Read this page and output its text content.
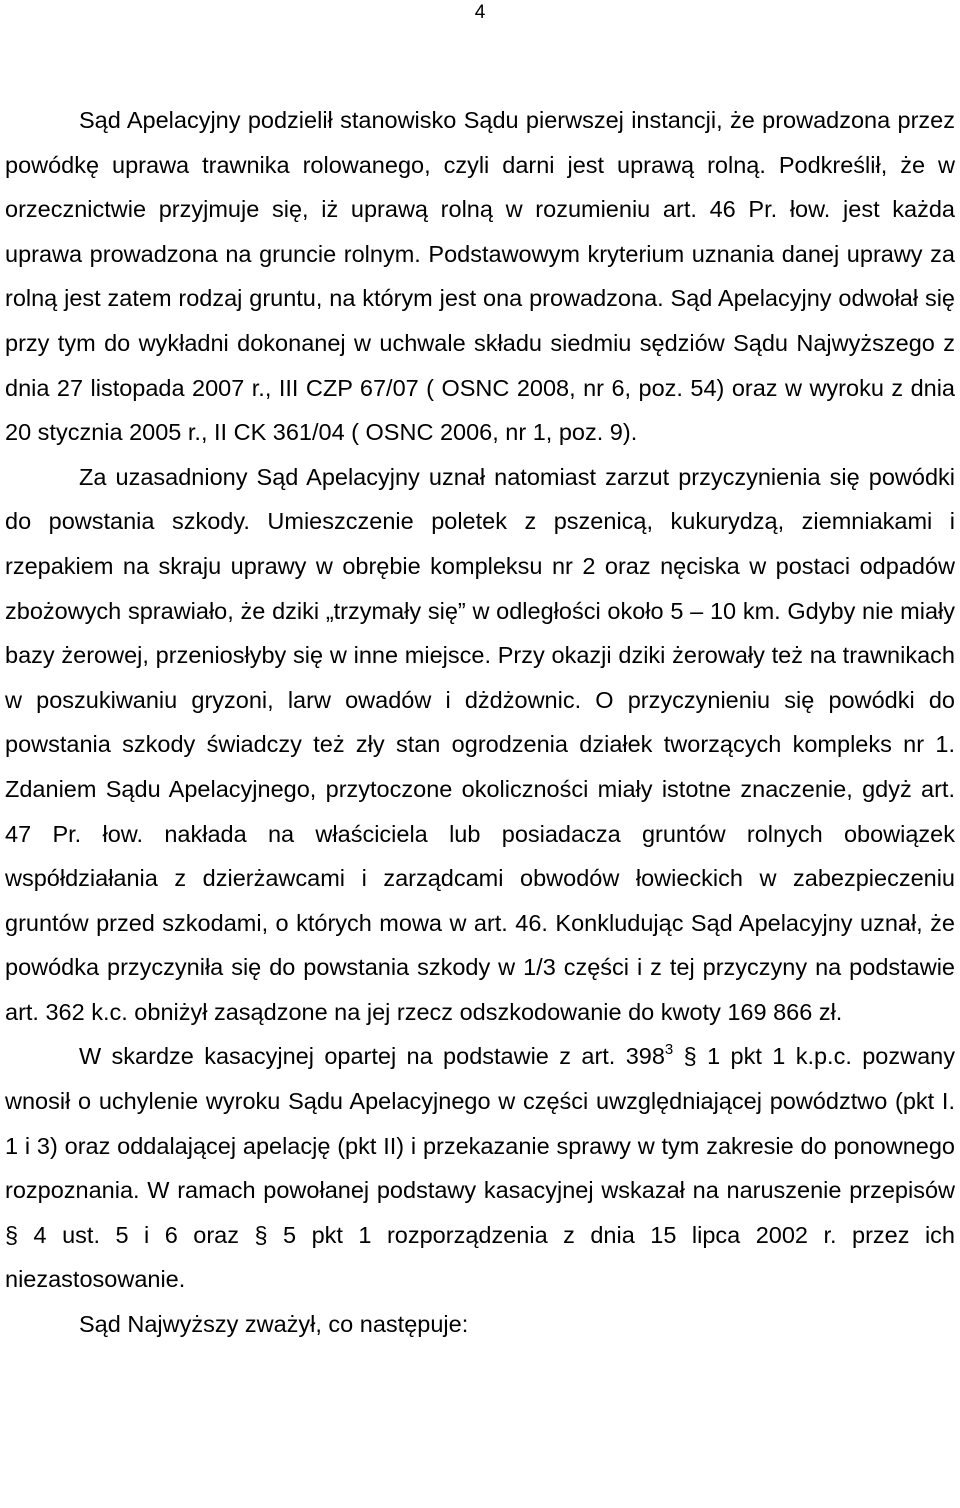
4

Sąd Apelacyjny podzielił stanowisko Sądu pierwszej instancji, że prowadzona przez powódkę uprawa trawnika rolowanego, czyli darni jest uprawą rolną. Podkreślił, że w orzecznictwie przyjmuje się, iż uprawą rolną w rozumieniu art. 46 Pr. łow. jest każda uprawa prowadzona na gruncie rolnym. Podstawowym kryterium uznania danej uprawy za rolną jest zatem rodzaj gruntu, na którym jest ona prowadzona. Sąd Apelacyjny odwołał się przy tym do wykładni dokonanej w uchwale składu siedmiu sędziów Sądu Najwyższego z dnia 27 listopada 2007 r., III CZP 67/07 ( OSNC 2008, nr 6, poz. 54) oraz w wyroku z dnia 20 stycznia 2005 r., II CK 361/04 ( OSNC 2006, nr 1, poz. 9).

Za uzasadniony Sąd Apelacyjny uznał natomiast zarzut przyczynienia się powódki do powstania szkody. Umieszczenie poletek z pszenicą, kukurydzą, ziemniakami i rzepakiem na skraju uprawy w obrębie kompleksu nr 2 oraz nęciska w postaci odpadów zbożowych sprawiało, że dziki „trzymały się” w odległości około 5 – 10 km. Gdyby nie miały bazy żerowej, przeniosłyby się w inne miejsce. Przy okazji dziki żerowały też na trawnikach w poszukiwaniu gryzoni, larw owadów i dżdżownic. O przyczynieniu się powódki do powstania szkody świadczy też zły stan ogrodzenia działek tworzących kompleks nr 1. Zdaniem Sądu Apelacyjnego, przytoczone okoliczności miały istotne znaczenie, gdyż art. 47 Pr. łow. nakłada na właściciela lub posiadacza gruntów rolnych obowiązek współdziałania z dzierżawcami i zarządcami obwodów łowieckich w zabezpieczeniu gruntów przed szkodami, o których mowa w art. 46. Konkludując Sąd Apelacyjny uznał, że powódka przyczyniła się do powstania szkody w 1/3 części i z tej przyczyny na podstawie art. 362 k.c. obniżył zasądzone na jej rzecz odszkodowanie do kwoty 169 866 zł.

W skardze kasacyjnej opartej na podstawie z art. $398^3$ § 1 pkt 1 k.p.c. pozwany wnosił o uchylenie wyroku Sądu Apelacyjnego w części uwzględniającej powództwo (pkt I. 1 i 3) oraz oddalającej apelację (pkt II) i przekazanie sprawy w tym zakresie do ponownego rozpoznania. W ramach powołanej podstawy kasacyjnej wskazał na naruszenie przepisów § 4 ust. 5 i 6 oraz § 5 pkt 1 rozporządzenia z dnia 15 lipca 2002 r. przez ich niezastosowanie.

Sąd Najwyższy zważył, co następuje:
